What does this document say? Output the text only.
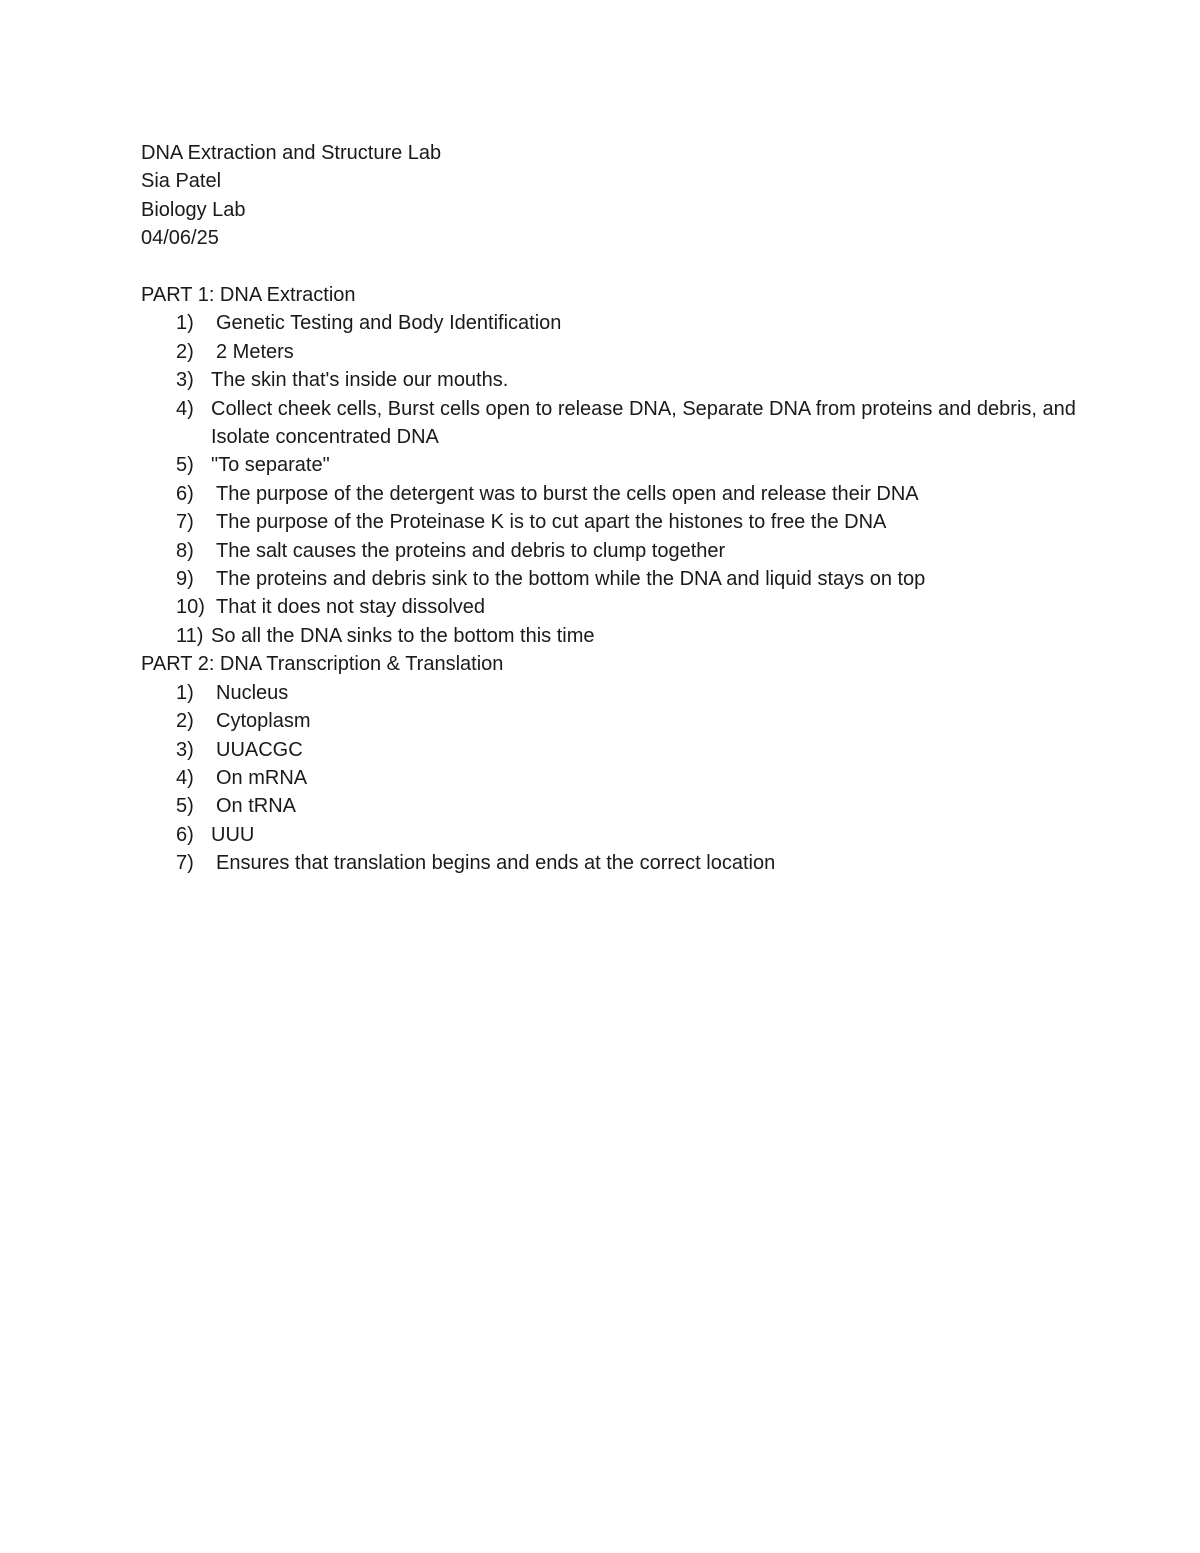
DNA Extraction and Structure Lab
Sia Patel
Biology Lab
04/06/25
PART 1: DNA Extraction
1)	Genetic Testing and Body Identification
2)	2 Meters
3) The skin that's inside our mouths.
4) Collect cheek cells, Burst cells open to release DNA, Separate DNA from proteins and debris, and Isolate concentrated DNA
5) "To separate"
6)	The purpose of the detergent was to burst the cells open and release their DNA
7)	The purpose of the Proteinase K is to cut apart the histones to free the DNA
8)	The salt causes the proteins and debris to clump together
9)	The proteins and debris sink to the bottom while the DNA and liquid stays on top
10) That it does not stay dissolved
11) So all the DNA sinks to the bottom this time
PART 2: DNA Transcription & Translation
1)	Nucleus
2)	Cytoplasm
3)	UUACGC
4)	On mRNA
5)	On tRNA
6) UUU
7)	Ensures that translation begins and ends at the correct location
